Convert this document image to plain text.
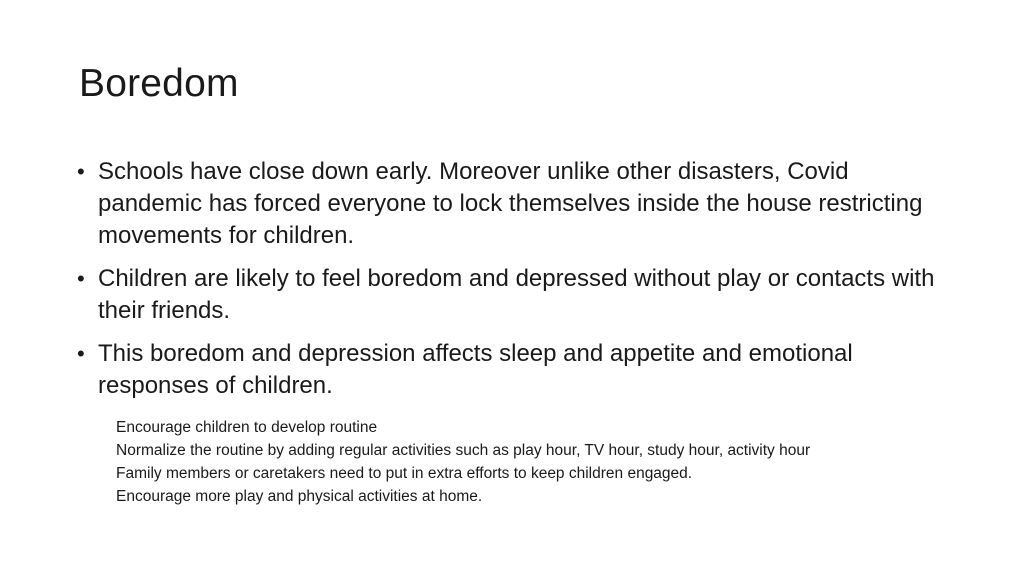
Boredom
• Schools have close down early. Moreover unlike other disasters, Covid pandemic has forced everyone to lock themselves inside the house restricting movements for children.
• Children are likely to feel boredom and depressed without play or contacts with their friends.
• This boredom and depression affects sleep and appetite and emotional responses of children.
Encourage children to develop routine
Normalize the routine by adding regular activities such as play hour, TV hour, study hour, activity hour
Family members or caretakers need to put in extra efforts to keep children engaged.
Encourage more play and physical activities at home.
